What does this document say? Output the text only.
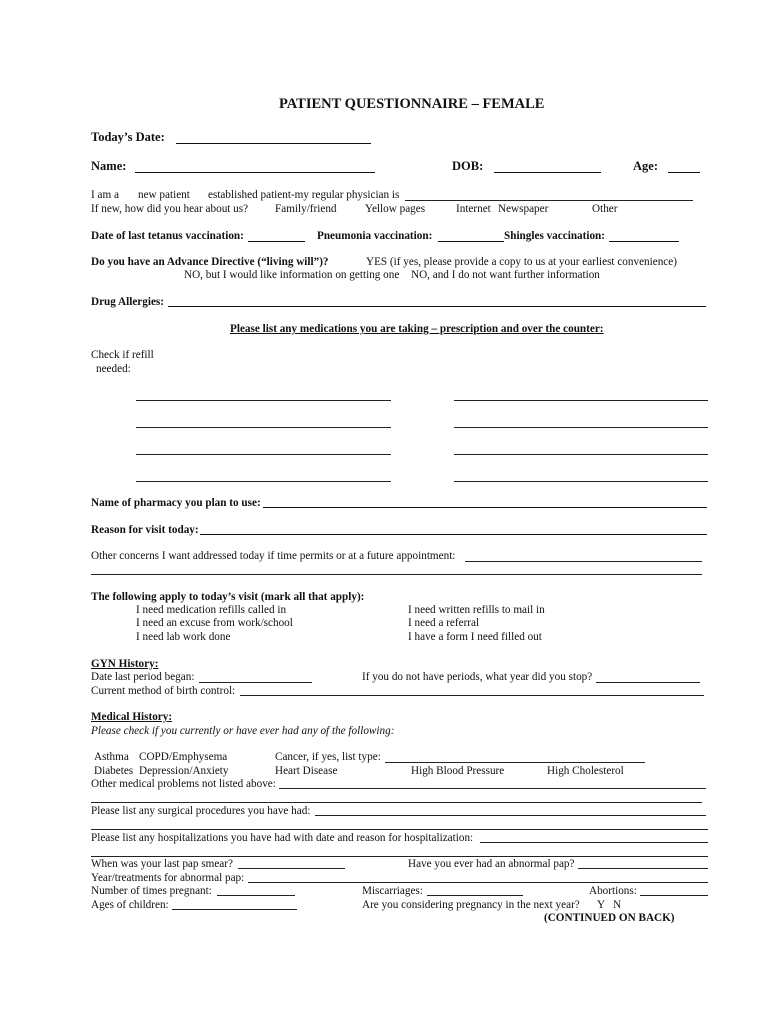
PATIENT QUESTIONNAIRE – FEMALE
Today’s Date:
Name:	DOB:	Age:
I am a new patient established patient-my regular physician is
If new, how did you hear about us? Family/friend	Yellow pages	Internet Newspaper	Other
Date of last tetanus vaccination:	Pneumonia vaccination:	Shingles vaccination:
Do you have an Advance Directive (“living will”)?	YES (if yes, please provide a copy to us at your earliest convenience)
NO, but I would like information on getting one NO, and I do not want further information
Drug Allergies:
Please list any medications you are taking – prescription and over the counter:
Check if refill
needed:
Name of pharmacy you plan to use:
Reason for visit today:
Other concerns I want addressed today if time permits or at a future appointment:
The following apply to today’s visit (mark all that apply):
I need medication refills called in
I need an excuse from work/school
I need lab work done
I need written refills to mail in
I need a referral
I have a form I need filled out
GYN History:
Date last period began:	If you do not have periods, what year did you stop?
Current method of birth control:
Medical History:
Please check if you currently or have ever had any of the following:
Asthma COPD/Emphysema	Cancer, if yes, list type:
Diabetes Depression/Anxiety	Heart Disease	High Blood Pressure	High Cholesterol
Other medical problems not listed above:
Please list any surgical procedures you have had:
Please list any hospitalizations you have had with date and reason for hospitalization:
When was your last pap smear?	Have you ever had an abnormal pap?
Year/treatments for abnormal pap:
Number of times pregnant:	Miscarriages:	Abortions:
Ages of children:	Are you considering pregnancy in the next year? Y N
(CONTINUED ON BACK)
